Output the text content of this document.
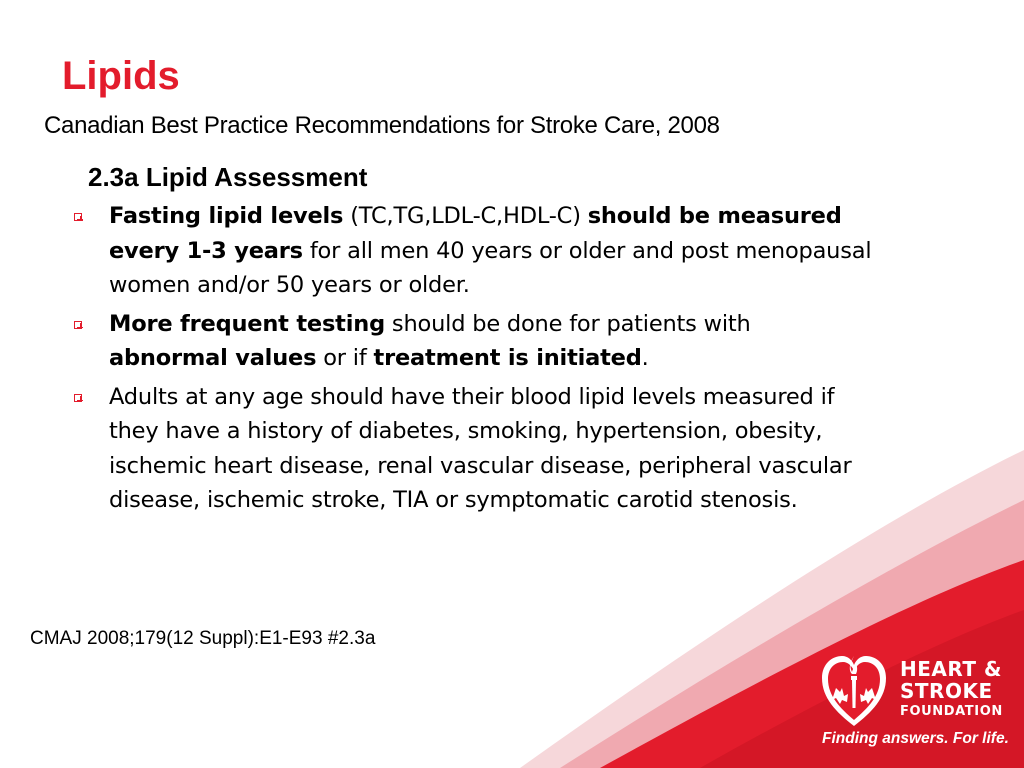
Lipids

Canadian Best Practice Recommendations for Stroke Care, 2008

2.3a Lipid Assessment
Fasting lipid levels (TC,TG,LDL-C,HDL-C) should be measured every 1-3 years for all men 40 years or older and post menopausal women and/or 50 years or older.
More frequent testing should be done for patients with abnormal values or if treatment is initiated.
Adults at any age should have their blood lipid levels measured if they have a history of diabetes, smoking, hypertension, obesity, ischemic heart disease, renal vascular disease, peripheral vascular disease, ischemic stroke, TIA or symptomatic carotid stenosis.

CMAJ 2008;179(12 Suppl):E1-E93 #2.3a

HEART &
STROKE
FOUNDATION
Finding answers. For life.
